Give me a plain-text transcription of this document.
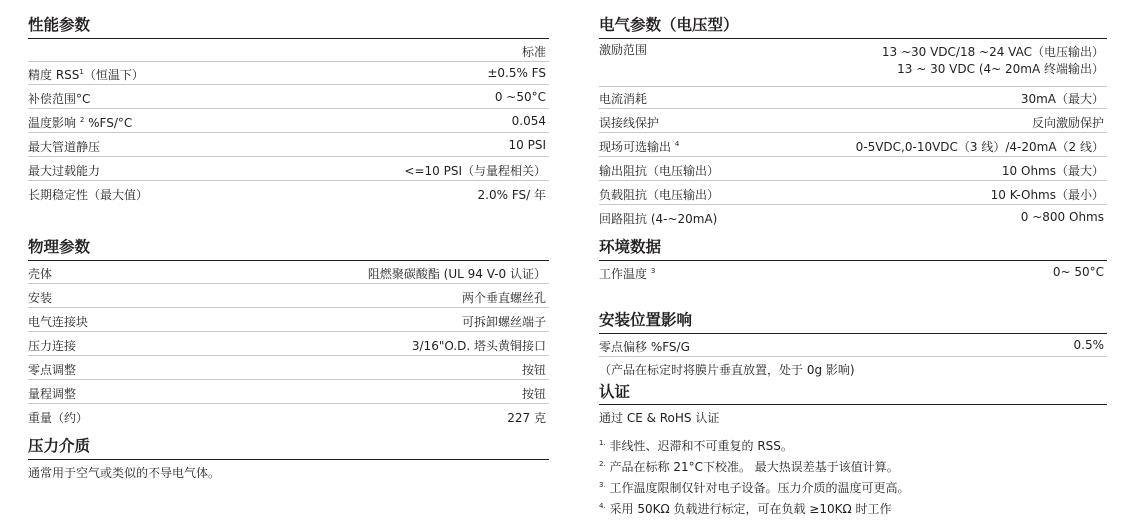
性能参数
标准
精度 RSS$^1$（恒温下）	±0.5% FS
补偿范围°C	0 ~50°C
温度影响 $^2$ %FS/°C	0.054
最大管道静压	10 PSI
最大过载能力	<=10 PSI（与量程相关）
长期稳定性（最大值）	2.0% FS/ 年
物理参数
壳体	阻燃聚碳酸酯 (UL 94 V-0 认证）
安装	两个垂直螺丝孔
电气连接块	可拆卸螺丝端子
压力连接	3/16"O.D. 塔头黄铜接口
零点调整	按钮
量程调整	按钮
重量（约）	227 克
压力介质
通常用于空气或类似的不导电气体。
电气参数（电压型）
激励范围	13 ~30 VDC/18 ~24 VAC（电压输出）
13 ~ 30 VDC (4~ 20mA 终端输出）
电流消耗	30mA（最大）
误接线保护	反向激励保护
现场可选输出 $^4$	0-5VDC,0-10VDC（3 线）/4-20mA（2 线）
输出阻抗（电压输出）	10 Ohms（最大）
负载阻抗（电压输出）	10 K-Ohms（最小）
回路阻抗 (4-~20mA)	0 ~800 Ohms
环境数据
工作温度 $^3$	0~ 50°C
安装位置影响
零点偏移 %FS/G	0.5%
（产品在标定时将膜片垂直放置，处于 0g 影响)
认证
通过 CE & RoHS 认证
$^{1.}$ 非线性、迟滞和不可重复的 RSS。
$^{2.}$ 产品在标称 21°C下校准。 最大热误差基于该值计算。
$^{3.}$ 工作温度限制仅针对电子设备。压力介质的温度可更高。
$^{4.}$ 采用 50KΩ 负载进行标定，可在负载 ≥10KΩ 时工作
